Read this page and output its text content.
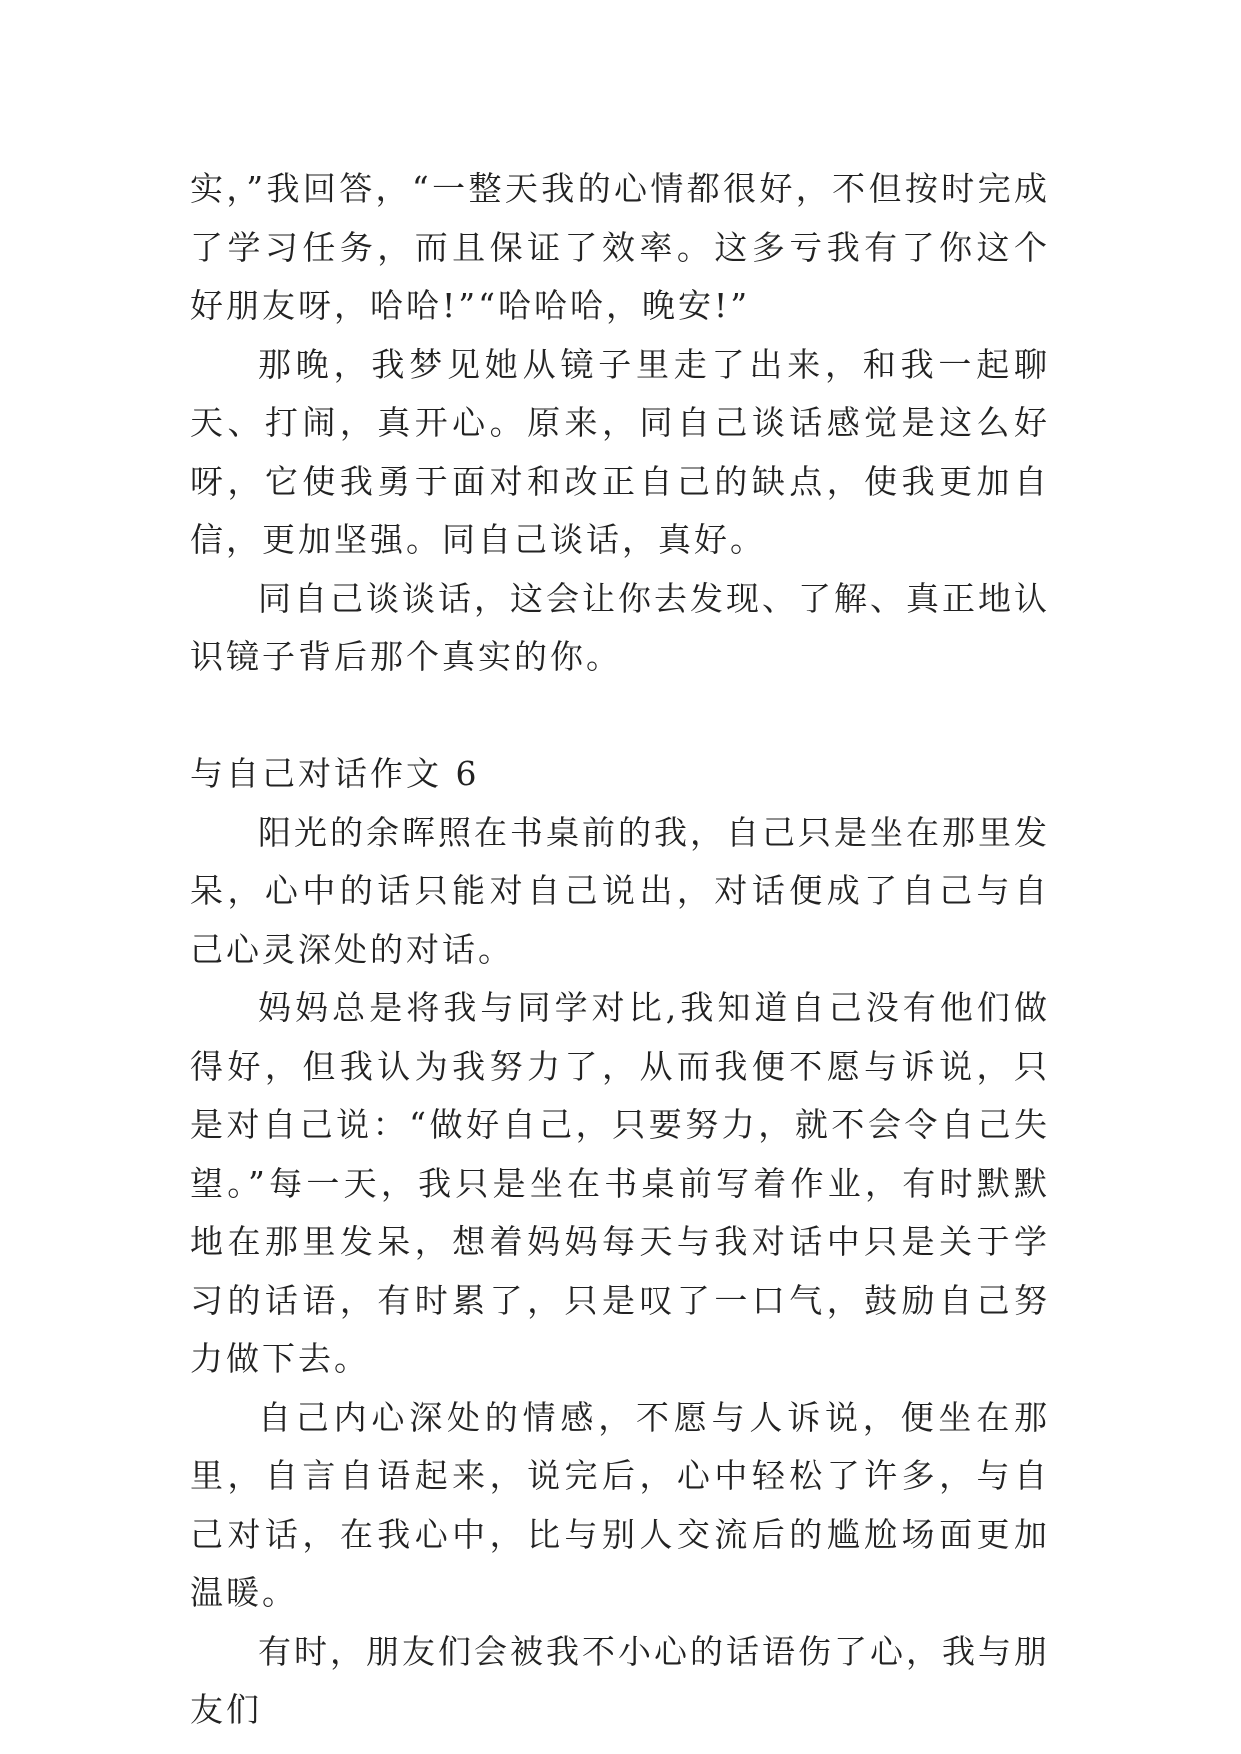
实，”我回答，“一整天我的心情都很好，不但按时完成了学习任务，而且保证了效率。这多亏我有了你这个好朋友呀，哈哈!”“哈哈哈，晚安!”

那晚，我梦见她从镜子里走了出来，和我一起聊天、打闹，真开心。原来，同自己谈话感觉是这么好呀，它使我勇于面对和改正自己的缺点，使我更加自信，更加坚强。同自己谈话，真好。

同自己谈谈话，这会让你去发现、了解、真正地认识镜子背后那个真实的你。

与自己对话作文 6

阳光的余晖照在书桌前的我，自己只是坐在那里发呆，心中的话只能对自己说出，对话便成了自己与自己心灵深处的对话。

妈妈总是将我与同学对比,我知道自己没有他们做得好，但我认为我努力了，从而我便不愿与诉说，只是对自己说：“做好自己，只要努力，就不会令自己失望。”每一天，我只是坐在书桌前写着作业，有时默默地在那里发呆，想着妈妈每天与我对话中只是关于学习的话语，有时累了，只是叹了一口气，鼓励自己努力做下去。

自己内心深处的情感，不愿与人诉说，便坐在那里，自言自语起来，说完后，心中轻松了许多，与自己对话，在我心中，比与别人交流后的尴尬场面更加温暖。

有时，朋友们会被我不小心的话语伤了心，我与朋友们
